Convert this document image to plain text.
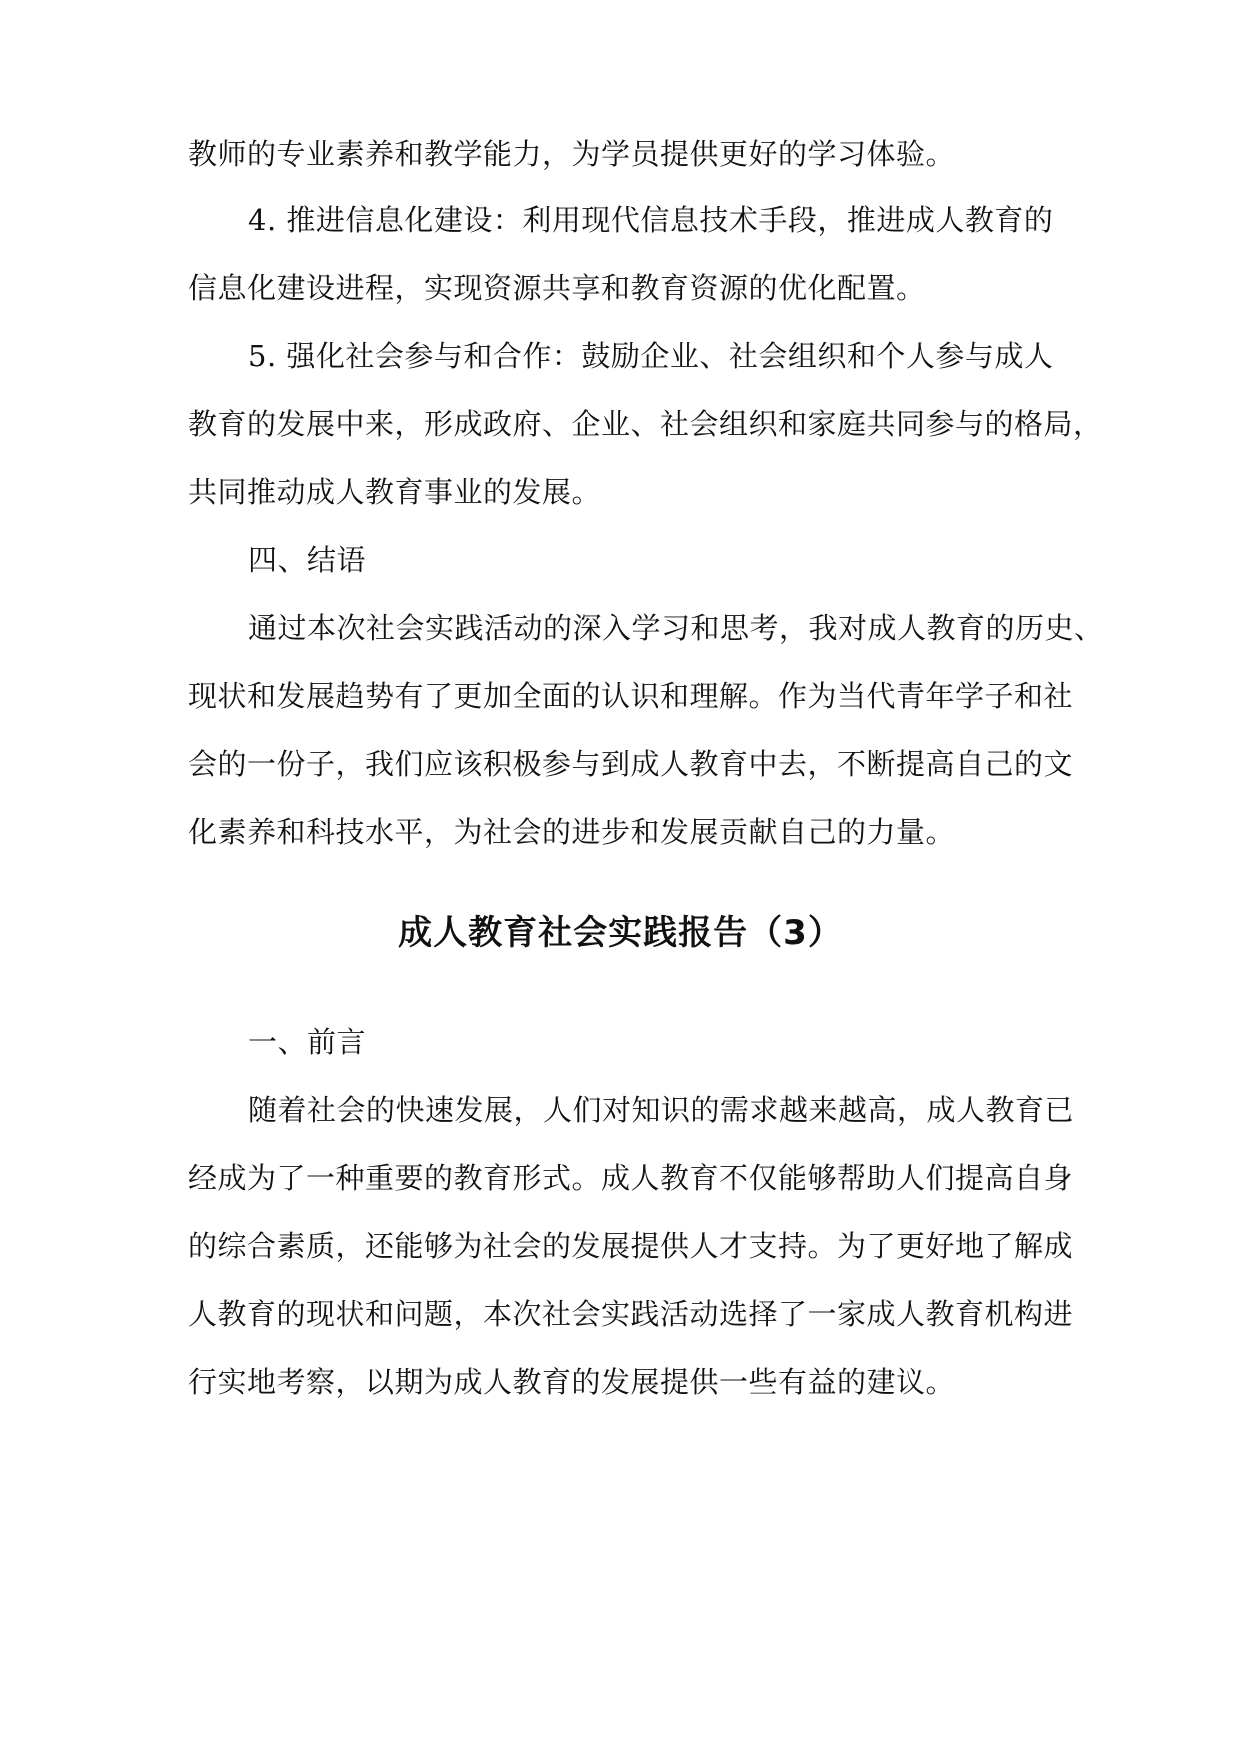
教师的专业素养和教学能力，为学员提供更好的学习体验。
4. 推进信息化建设：利用现代信息技术手段，推进成人教育的
信息化建设进程，实现资源共享和教育资源的优化配置。
5. 强化社会参与和合作：鼓励企业、社会组织和个人参与成人
教育的发展中来，形成政府、企业、社会组织和家庭共同参与的格局，
共同推动成人教育事业的发展。
四、结语
通过本次社会实践活动的深入学习和思考，我对成人教育的历史、
现状和发展趋势有了更加全面的认识和理解。作为当代青年学子和社
会的一份子，我们应该积极参与到成人教育中去，不断提高自己的文
化素养和科技水平，为社会的进步和发展贡献自己的力量。
成人教育社会实践报告（3）
一、前言
随着社会的快速发展，人们对知识的需求越来越高，成人教育已
经成为了一种重要的教育形式。成人教育不仅能够帮助人们提高自身
的综合素质，还能够为社会的发展提供人才支持。为了更好地了解成
人教育的现状和问题，本次社会实践活动选择了一家成人教育机构进
行实地考察，以期为成人教育的发展提供一些有益的建议。
